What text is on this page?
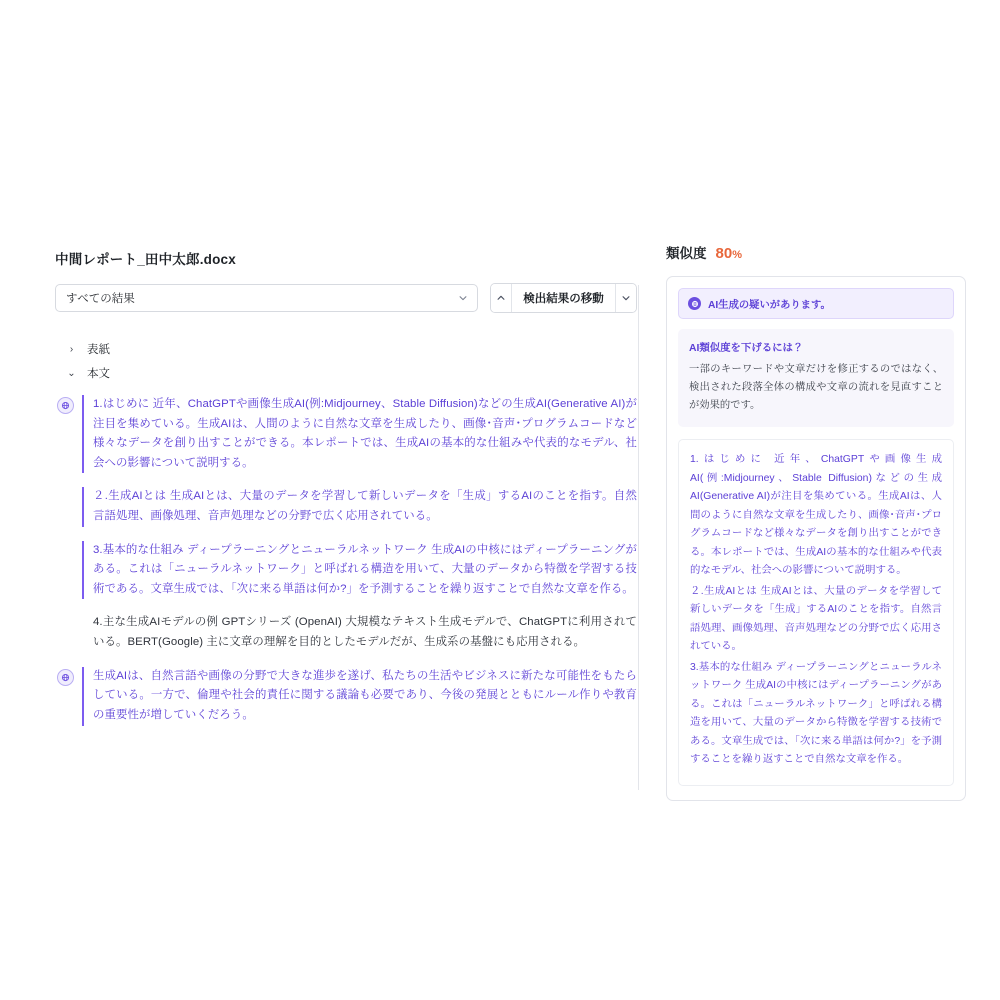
中間レポート_田中太郎.docx
すべての結果	検出結果の移動
› 表紙
⌄ 本文
1.はじめに 近年、ChatGPTや画像生成AI(例:Midjourney、Stable Diffusion)などの生成AI(Generative AI)が注目を集めている。生成AIは、人間のように自然な文章を生成したり、画像･音声･プログラムコードなど様々なデータを創り出すことができる。本レポートでは、生成AIの基本的な仕組みや代表的なモデル、社会への影響について説明する。
２.生成AIとは 生成AIとは、大量のデータを学習して新しいデータを「生成」するAIのことを指す。自然言語処理、画像処理、音声処理などの分野で広く応用されている。
3.基本的な仕組み ディープラーニングとニューラルネットワーク 生成AIの中核にはディープラーニングがある。これは「ニューラルネットワーク」と呼ばれる構造を用いて、大量のデータから特徴を学習する技術である。文章生成では、「次に来る単語は何か?」を予測することを繰り返すことで自然な文章を作る。
4.主な生成AIモデルの例 GPTシリーズ (OpenAI) 大規模なテキスト生成モデルで、ChatGPTに利用されている。BERT(Google) 主に文章の理解を目的としたモデルだが、生成系の基盤にも応用される。
生成AIは、自然言語や画像の分野で大きな進歩を遂げ、私たちの生活やビジネスに新たな可能性をもたらしている。一方で、倫理や社会的責任に関する議論も必要であり、今後の発展とともにルール作りや教育の重要性が増していくだろう。
類似度 80%
AI生成の疑いがあります。
AI類似度を下げるには？
一部のキーワードや文章だけを修正するのではなく、検出された段落全体の構成や文章の流れを見直すことが効果的です。

1.はじめに 近年、ChatGPTや画像生成 AI(例:Midjourney、Stable Diffusion)などの生成 AI(Generative AI)が注目を集めている。生成AIは、人間のように自然な文章を生成したり、画像･音声･プログラムコードなど様々なデータを創り出すことができる。本レポートでは、生成AIの基本的な仕組みや代表的なモデル、社会への影響について説明する。

２.生成AIとは 生成AIとは、大量のデータを学習して新しいデータを「生成」するAIのことを指す。自然言語処理、画像処理、音声処理などの分野で広く応用されている。

3.基本的な仕組み ディープラーニングとニューラルネットワーク 生成AIの中核にはディープラーニングがある。これは「ニューラルネットワーク」と呼ばれる構造を用いて、大量のデータから特徴を学習する技術である。文章生成では、「次に来る単語は何か?」を予測することを繰り返すことで自然な文章を作る。
